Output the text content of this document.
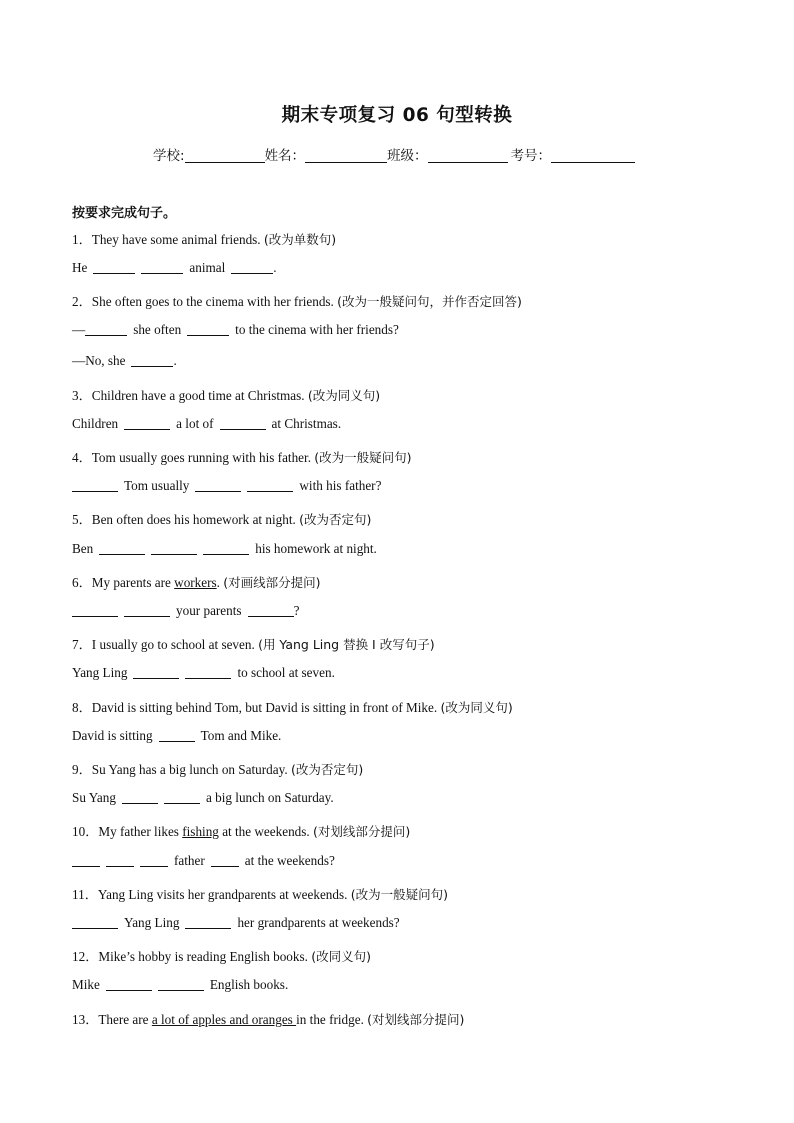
期末专项复习 06 句型转换
学校:	姓名：	班级：	考号：
按要求完成句子。
1．They have some animal friends. (改为单数句)
He	animal	.
2．She often goes to the cinema with her friends. (改为一般疑问句，并作否定回答)
—	she often	to the cinema with her friends?
—No, she	.
3．Children have a good time at Christmas. (改为同义句)
Children	a lot of	at Christmas.
4．Tom usually goes running with his father. (改为一般疑问句)
Tom usually	with his father?
5．Ben often does his homework at night. (改为否定句)
Ben	his homework at night.
6．My parents are workers. (对画线部分提问)
your parents	?
7．I usually go to school at seven. (用 Yang Ling 替换 I 改写句子)
Yang Ling	to school at seven.
8．David is sitting behind Tom, but David is sitting in front of Mike. (改为同义句)
David is sitting	Tom and Mike.
9．Su Yang has a big lunch on Saturday. (改为否定句)
Su Yang	a big lunch on Saturday.
10．My father likes fishing at the weekends. (对划线部分提问)
father	at the weekends?
11．Yang Ling visits her grandparents at weekends. (改为一般疑问句)
Yang Ling	her grandparents at weekends?
12．Mike’s hobby is reading English books. (改同义句)
Mike	English books.
13．There are a lot of apples and oranges in the fridge. (对划线部分提问)
